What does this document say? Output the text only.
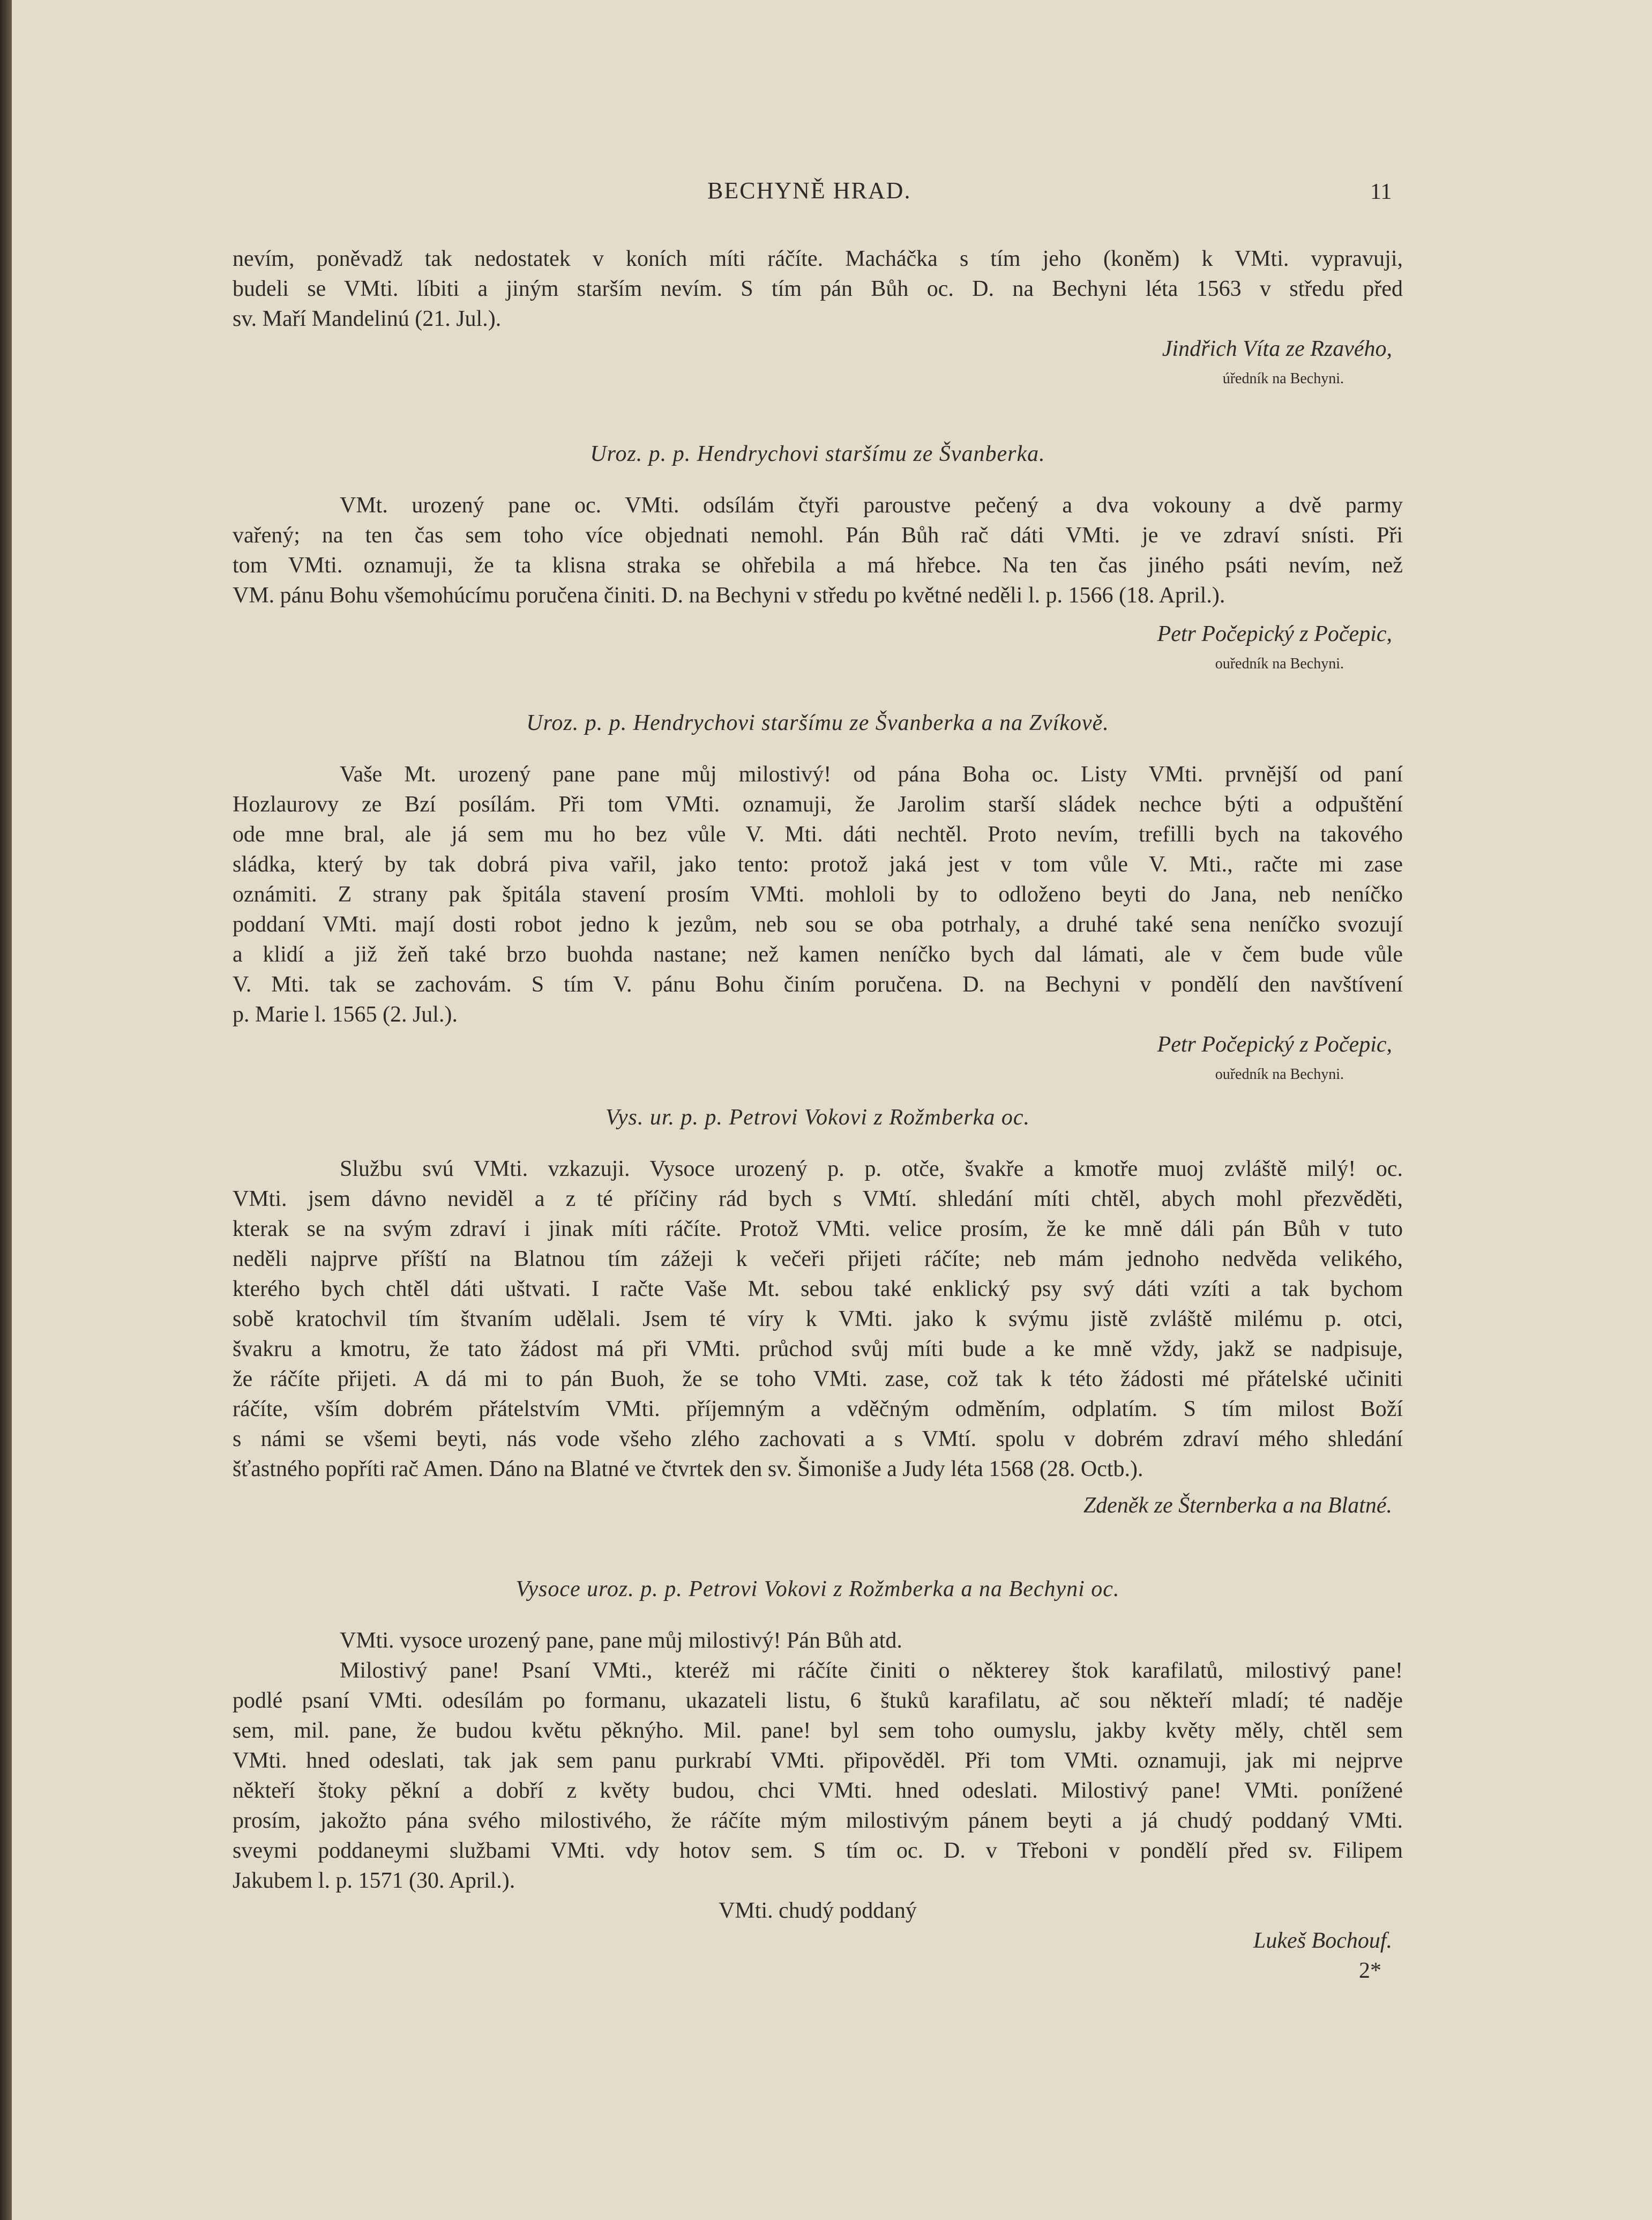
BECHYNĚ HRAD.	11
nevím, poněvadž tak nedostatek v koních míti ráčíte. Macháčka s tím jeho (koněm) k VMti. vypravuji,
budeli se VMti. líbiti a jiným starším nevím. S tím pán Bůh oc. D. na Bechyni léta 1563 v středu před
sv. Maří Mandelinú (21. Jul.).
Jindřich Víta ze Rzavého,
úředník na Bechyni.
Uroz. p. p. Hendrychovi staršímu ze Švanberka.
VMt. urozený pane oc. VMti. odsílám čtyři paroustve pečený a dva vokouny a dvě parmy
vařený; na ten čas sem toho více objednati nemohl. Pán Bůh rač dáti VMti. je ve zdraví snísti. Při
tom VMti. oznamuji, že ta klisna straka se ohřebila a má hřebce. Na ten čas jiného psáti nevím, než
VM. pánu Bohu všemohúcímu poručena činiti. D. na Bechyni v středu po květné neděli l. p. 1566 (18. April.).
Petr Počepický z Počepic,
ouředník na Bechyni.
Uroz. p. p. Hendrychovi staršímu ze Švanberka a na Zvíkově.
Vaše Mt. urozený pane pane můj milostivý! od pána Boha oc. Listy VMti. prvnější od paní
Hozlaurovy ze Bzí posílám. Při tom VMti. oznamuji, že Jarolim starší sládek nechce býti a odpuštění
ode mne bral, ale já sem mu ho bez vůle V. Mti. dáti nechtěl. Proto nevím, trefilli bych na takového
sládka, který by tak dobrá piva vařil, jako tento: protož jaká jest v tom vůle V. Mti., račte mi zase
oznámiti. Z strany pak špitála stavení prosím VMti. mohloli by to odloženo beyti do Jana, neb neníčko
poddaní VMti. mají dosti robot jedno k jezům, neb sou se oba potrhaly, a druhé také sena neníčko svozují
a klidí a již žeň také brzo buohda nastane; než kamen neníčko bych dal lámati, ale v čem bude vůle
V. Mti. tak se zachovám. S tím V. pánu Bohu činím poručena. D. na Bechyni v pondělí den navštívení
p. Marie l. 1565 (2. Jul.).
Petr Počepický z Počepic,
ouředník na Bechyni.
Vys. ur. p. p. Petrovi Vokovi z Rožmberka oc.
Službu svú VMti. vzkazuji. Vysoce urozený p. p. otče, švakře a kmotře muoj zvláště milý! oc.
VMti. jsem dávno neviděl a z té příčiny rád bych s VMtí. shledání míti chtěl, abych mohl přezvěděti,
kterak se na svým zdraví i jinak míti ráčíte. Protož VMti. velice prosím, že ke mně dáli pán Bůh v tuto
neděli najprve příští na Blatnou tím zážeji k večeři přijeti ráčíte; neb mám jednoho nedvěda velikého,
kterého bych chtěl dáti uštvati. I račte Vaše Mt. sebou také enklický psy svý dáti vzíti a tak bychom
sobě kratochvil tím štvaním udělali. Jsem té víry k VMti. jako k svýmu jistě zvláště milému p. otci,
švakru a kmotru, že tato žádost má při VMti. průchod svůj míti bude a ke mně vždy, jakž se nadpisuje,
že ráčíte přijeti. A dá mi to pán Buoh, že se toho VMti. zase, což tak k této žádosti mé přátelské učiniti
ráčíte, vším dobrém přátelstvím VMti. příjemným a vděčným odměním, odplatím. S tím milost Boží
s námi se všemi beyti, nás vode všeho zlého zachovati a s VMtí. spolu v dobrém zdraví mého shledání
šťastného popříti rač Amen. Dáno na Blatné ve čtvrtek den sv. Šimoniše a Judy léta 1568 (28. Octb.).
Zdeněk ze Šternberka a na Blatné.
Vysoce uroz. p. p. Petrovi Vokovi z Rožmberka a na Bechyni oc.
VMti. vysoce urozený pane, pane můj milostivý! Pán Bůh atd.
Milostivý pane! Psaní VMti., kteréž mi ráčíte činiti o některey štok karafilatů, milostivý pane!
podlé psaní VMti. odesílám po formanu, ukazateli listu, 6 štuků karafilatu, ač sou někteří mladí; té naděje
sem, mil. pane, že budou květu pěknýho. Mil. pane! byl sem toho oumyslu, jakby květy měly, chtěl sem
VMti. hned odeslati, tak jak sem panu purkrabí VMti. připověděl. Při tom VMti. oznamuji, jak mi nejprve
někteří štoky pěkní a dobří z květy budou, chci VMti. hned odeslati. Milostivý pane! VMti. ponížené
prosím, jakožto pána svého milostivého, že ráčíte mým milostivým pánem beyti a já chudý poddaný VMti.
sveymi poddaneymi službami VMti. vdy hotov sem. S tím oc. D. v Třeboni v pondělí před sv. Filipem
Jakubem l. p. 1571 (30. April.).
VMti. chudý poddaný
Lukeš Bochouf.
2*
